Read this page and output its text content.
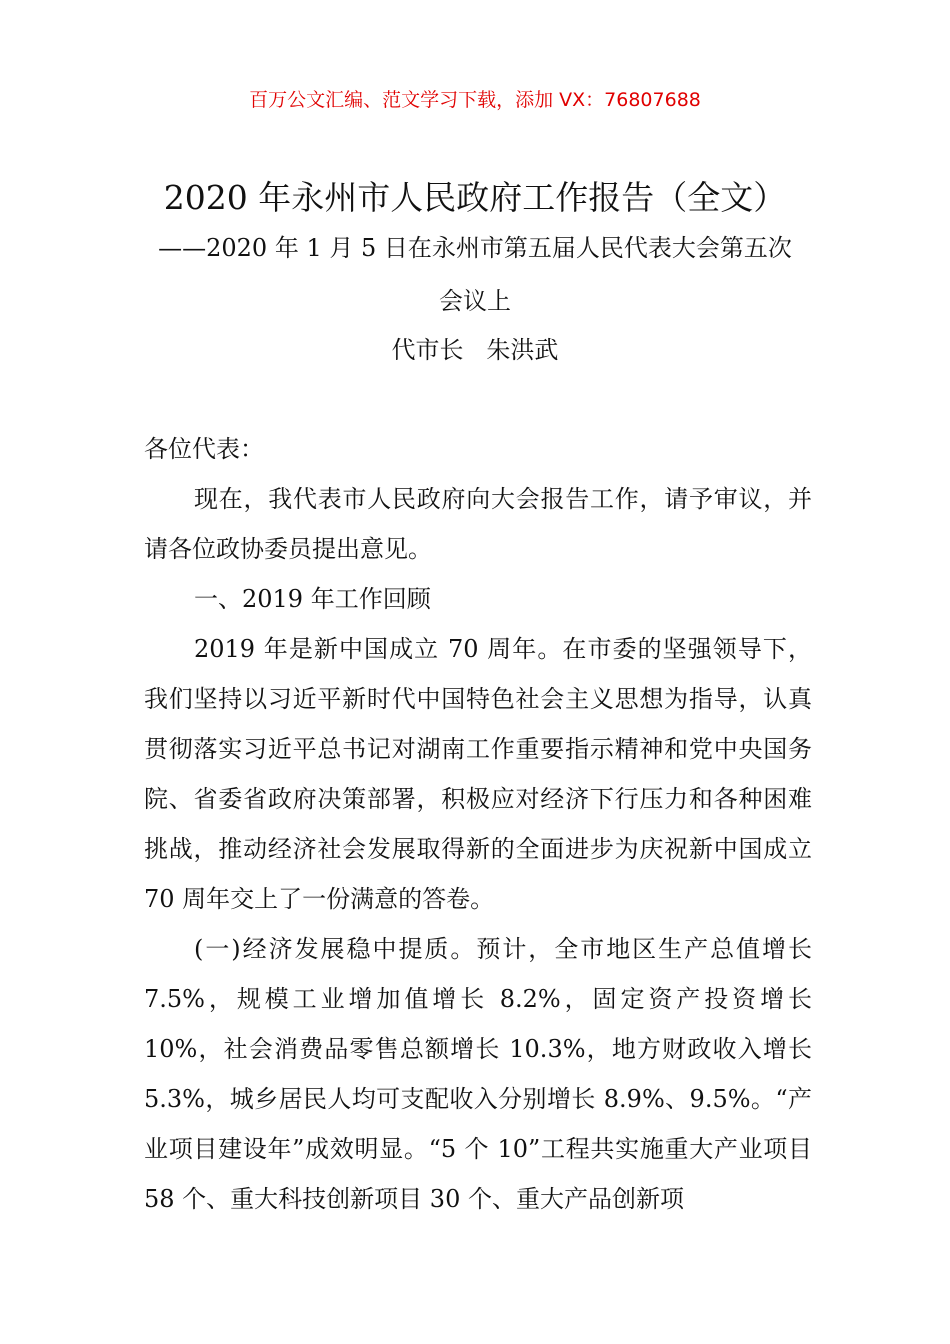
百万公文汇编、范文学习下载，添加 VX：76807688
2020 年永州市人民政府工作报告（全文）
——2020 年 1 月 5 日在永州市第五届人民代表大会第五次
会议上
代市长   朱洪武

各位代表：

现在，我代表市人民政府向大会报告工作，请予审议，并请各位政协委员提出意见。

一、2019 年工作回顾

2019 年是新中国成立 70 周年。在市委的坚强领导下，我们坚持以习近平新时代中国特色社会主义思想为指导，认真贯彻落实习近平总书记对湖南工作重要指示精神和党中央国务院、省委省政府决策部署，积极应对经济下行压力和各种困难挑战，推动经济社会发展取得新的全面进步为庆祝新中国成立 70 周年交上了一份满意的答卷。

(一)经济发展稳中提质。预计，全市地区生产总值增长 7.5%，规模工业增加值增长 8.2%，固定资产投资增长 10%，社会消费品零售总额增长 10.3%，地方财政收入增长 5.3%，城乡居民人均可支配收入分别增长 8.9%、9.5%。“产业项目建设年”成效明显。“5 个 10”工程共实施重大产业项目 58 个、重大科技创新项目 30 个、重大产品创新项
